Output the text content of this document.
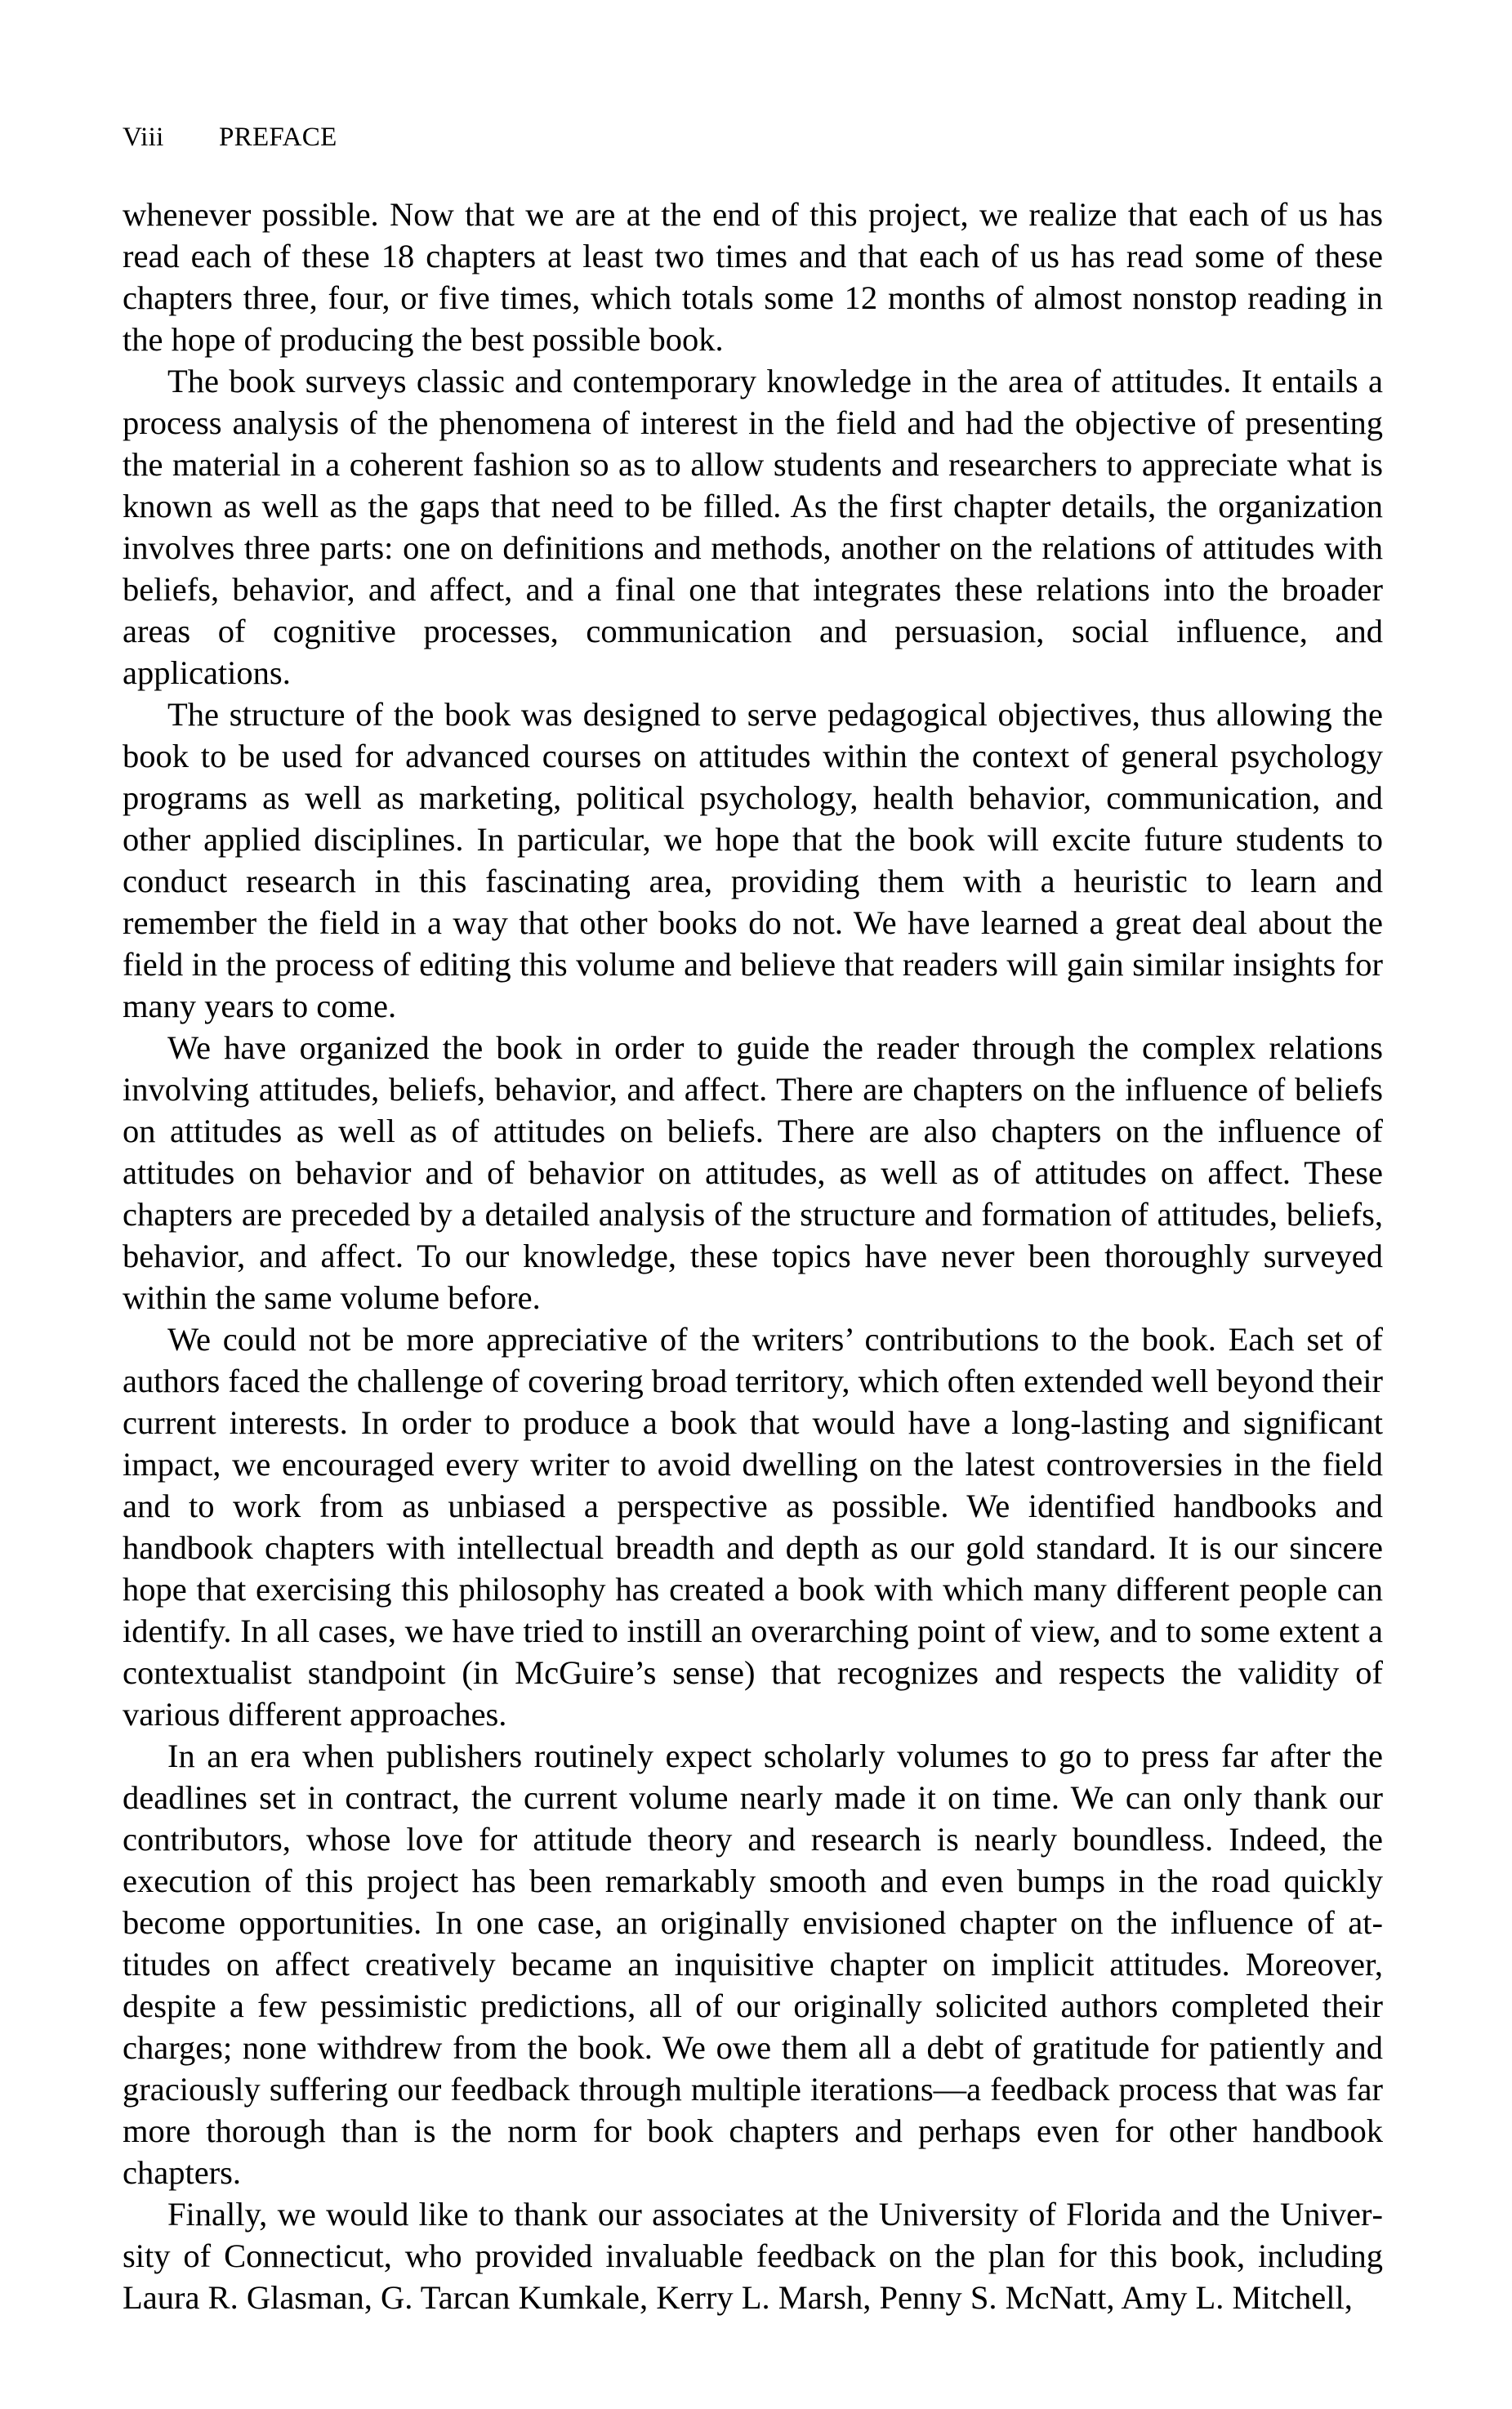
Viii PREFACE

whenever possible. Now that we are at the end of this project, we realize that each of us has read each of these 18 chapters at least two times and that each of us has read some of these chapters three, four, or five times, which totals some 12 months of almost nonstop reading in the hope of producing the best possible book.

The book surveys classic and contemporary knowledge in the area of attitudes. It entails a process analysis of the phenomena of interest in the field and had the objective of presenting the material in a coherent fashion so as to allow students and researchers to appreciate what is known as well as the gaps that need to be filled. As the first chapter details, the organization involves three parts: one on definitions and methods, another on the relations of attitudes with beliefs, behavior, and affect, and a final one that integrates these relations into the broader areas of cognitive processes, communication and persuasion, social influence, and applications.

The structure of the book was designed to serve pedagogical objectives, thus allowing the book to be used for advanced courses on attitudes within the context of general psychology programs as well as marketing, political psychology, health behavior, communication, and other applied disciplines. In particular, we hope that the book will excite future students to conduct research in this fascinating area, providing them with a heuristic to learn and remember the field in a way that other books do not. We have learned a great deal about the field in the process of editing this volume and believe that readers will gain similar insights for many years to come.

We have organized the book in order to guide the reader through the complex relations involving attitudes, beliefs, behavior, and affect. There are chapters on the influence of beliefs on attitudes as well as of attitudes on beliefs. There are also chapters on the influence of attitudes on behavior and of behavior on attitudes, as well as of attitudes on affect. These chapters are preceded by a detailed analysis of the structure and formation of attitudes, beliefs, behavior, and affect. To our knowledge, these topics have never been thoroughly surveyed within the same volume before.

We could not be more appreciative of the writers’ contributions to the book. Each set of authors faced the challenge of covering broad territory, which often extended well beyond their current interests. In order to produce a book that would have a long-lasting and significant impact, we encouraged every writer to avoid dwelling on the latest controversies in the field and to work from as unbiased a perspective as possible. We identified handbooks and handbook chapters with intellectual breadth and depth as our gold standard. It is our sincere hope that exercising this philosophy has created a book with which many different people can identify. In all cases, we have tried to instill an overarching point of view, and to some extent a contextualist standpoint (in McGuire’s sense) that recognizes and respects the validity of various different approaches.

In an era when publishers routinely expect scholarly volumes to go to press far after the deadlines set in contract, the current volume nearly made it on time. We can only thank our contributors, whose love for attitude theory and research is nearly boundless. Indeed, the execution of this project has been remarkably smooth and even bumps in the road quickly become opportunities. In one case, an originally envisioned chapter on the influence of attitudes on affect creatively became an inquisitive chapter on implicit attitudes. Moreover, despite a few pessimistic predictions, all of our originally solicited authors completed their charges; none withdrew from the book. We owe them all a debt of gratitude for patiently and graciously suffering our feedback through multiple iterations—a feedback process that was far more thorough than is the norm for book chapters and perhaps even for other handbook chapters.

Finally, we would like to thank our associates at the University of Florida and the University of Connecticut, who provided invaluable feedback on the plan for this book, including Laura R. Glasman, G. Tarcan Kumkale, Kerry L. Marsh, Penny S. McNatt, Amy L. Mitchell,
